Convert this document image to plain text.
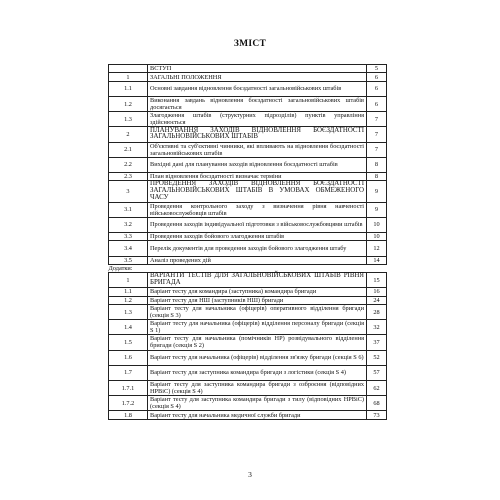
ЗМІСТ
	ВСТУП	5
1	ЗАГАЛЬНІ ПОЛОЖЕННЯ	6
1.1	Основні завдання відновлення боєздатності загальновійськових штабів	6
1.2	Виконання завдань відновлення боєздатності загальновійськових штабів досягається	6
1.3	Злагодження штабів (структурних підрозділів) пунктів управління здійснюється	7
2	ПЛАНУВАННЯ ЗАХОДІВ ВІДНОВЛЕННЯ БОЄЗДАТНОСТІ ЗАГАЛЬНОВІЙСЬКОВИХ ШТАБІВ	7
2.1	Об'єктивні та суб'єктивні чинники, які впливають на відновлення боєздатності загальновійськових штабів	7
2.2	Вихідні дані для планування заходів відновлення боєздатності штабів	8
2.3	План відновлення боєздатності визначає терміни	8
3	ПРОВЕДЕННЯ ЗАХОДІВ ВІДНОВЛЕННЯ БОЄЗДАТНОСТІ ЗАГАЛЬНОВІЙСЬКОВИХ ШТАБІВ В УМОВАХ ОБМЕЖЕНОГО ЧАСУ	9
3.1	Проведення контрольного заходу з визначення рівня навченості військовослужбовців штабів	9
3.2	Проведення заходів індивідуальної підготовки з військовослужбовцями штабів	10
3.3	Проведення заходів бойового злагодження штабів	10
3.4	Перелік документів для проведення заходів бойового злагодження штабу	12
3.5	Аналіз проведених дій	14
Додатки:		
1	ВАРІАНТИ ТЕСТІВ ДЛЯ ЗАГАЛЬНОВІЙСЬКОВИХ ШТАБІВ РІВНЯ БРИГАДА	15
1.1	Варіант тесту для командира (заступника) командира бригади	16
1.2	Варіант тесту для НШ (заступників НШ) бригади	24
1.3	Варіант тесту для начальника (офіцерів) оперативного відділення бригади (секція S 3)	28
1.4	Варіант тесту для начальника (офіцерів) відділення персоналу бригади (секція S 1)	32
1.5	Варіант тесту для начальника (помічників НР) розвідувального відділення бригади (секція S 2)	37
1.6	Варіант тесту для начальника (офіцерів) відділення зв'язку бригади (секція S 6)	52
1.7	Варіант тесту для заступника командира бригади з логістики (секція S 4)	57
1.7.1	Варіант тесту для заступника командира бригади з озброєння (відповідних НРВіС) (секція S 4)	62
1.7.2	Варіант тесту для заступника командира бригади з тилу (відповідних НРВіС) (секція S 4)	68
1.8	Варіант тесту для начальника медичної служби бригади	73
3
